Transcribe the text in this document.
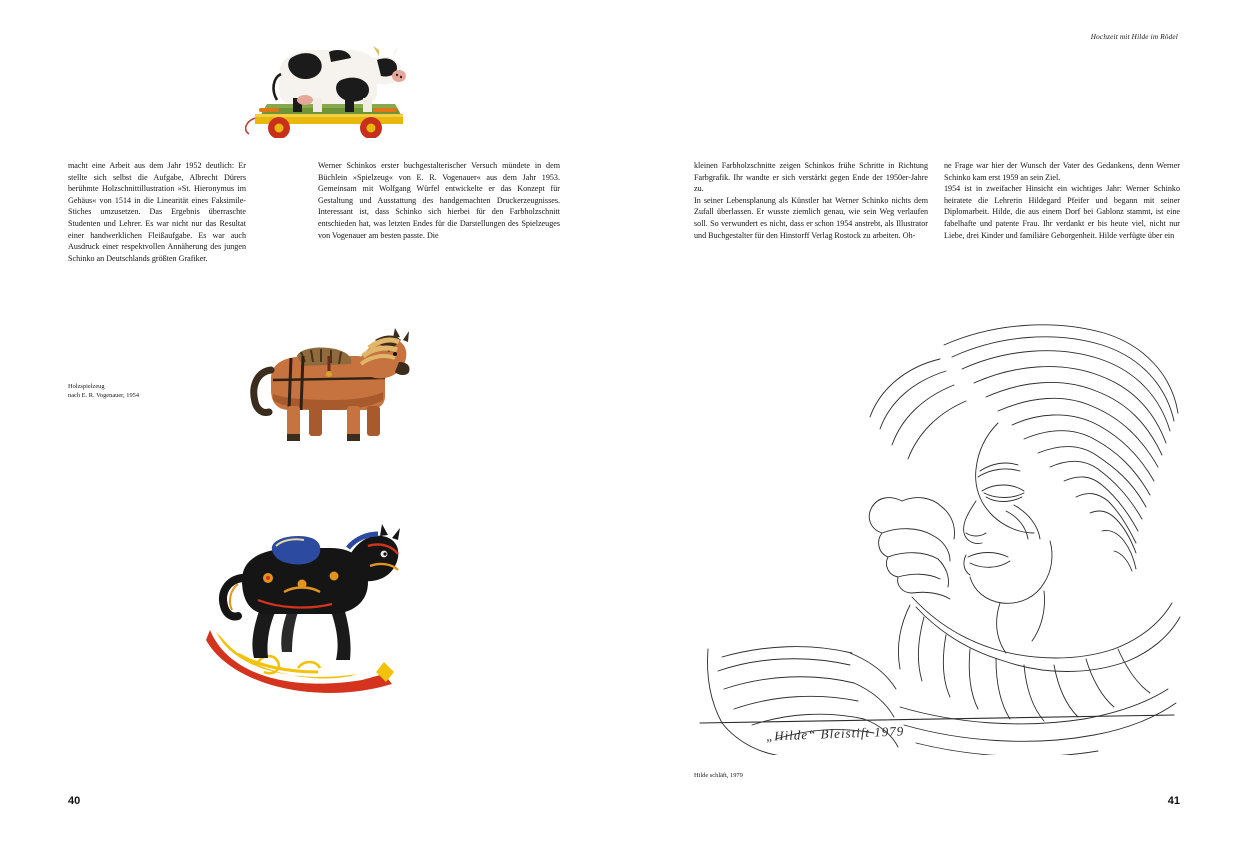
macht eine Arbeit aus dem Jahr 1952 deutlich: Er stellte sich selbst die Aufgabe, Albrecht Dürers berühmte Holzschnittillustration »St. Hieronymus im Gehäus« von 1514 in die Linearität eines Faksimile-Stiches umzusetzen. Das Ergebnis überraschte Studenten und Lehrer. Es war nicht nur das Resultat einer handwerklichen Fleißaufgabe. Es war auch Ausdruck einer respektvollen Annäherung des jungen Schinko an Deutschlands größten Grafiker.

Werner Schinkos erster buchgestalterischer Versuch mündete in dem Büchlein »Spielzeug« von E. R. Vogenauer« aus dem Jahr 1953. Gemeinsam mit Wolfgang Würfel entwickelte er das Konzept für Gestaltung und Ausstattung des handgemachten Druckerzeugnisses. Interessant ist, dass Schinko sich hierbei für den Farbholzschnitt entschieden hat, was letzten Endes für die Darstellungen des Spielzeuges von Vogenauer am besten passte. Die

Holzspielzeug
nach E. R. Vogenauer, 1954
40
Hochzeit mit Hilde im Rödel

kleinen Farbholzschnitte zeigen Schinkos frühe Schritte in Richtung Farbgrafik. Ihr wandte er sich verstärkt gegen Ende der 1950er-Jahre zu.
In seiner Lebensplanung als Künstler hat Werner Schinko nichts dem Zufall überlassen. Er wusste ziemlich genau, wie sein Weg verlaufen soll. So verwundert es nicht, dass er schon 1954 anstrebt, als Illustrator und Buchgestalter für den Hinstorff Verlag Rostock zu arbeiten. Oh-

ne Frage war hier der Wunsch der Vater des Gedankens, denn Werner Schinko kam erst 1959 an sein Ziel.
1954 ist in zweifacher Hinsicht ein wichtiges Jahr: Werner Schinko heiratete die Lehrerin Hildegard Pfeifer und begann mit seiner Diplomarbeit. Hilde, die aus einem Dorf bei Gablonz stammt, ist eine fabelhafte und patente Frau. Ihr verdankt er bis heute viel, nicht nur Liebe, drei Kinder und familiäre Geborgenheit. Hilde verfügte über ein

„Hilde“ Bleistift 1979
Hilde schläft, 1979
41
